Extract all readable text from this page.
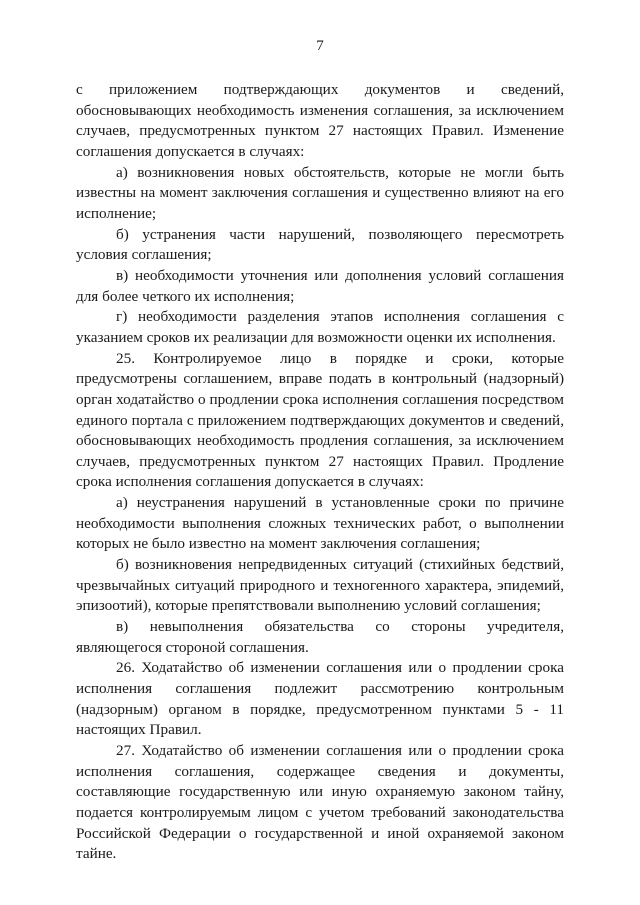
7

с приложением подтверждающих документов и сведений, обосновывающих необходимость изменения соглашения, за исключением случаев, предусмотренных пунктом 27 настоящих Правил. Изменение соглашения допускается в случаях:

а) возникновения новых обстоятельств, которые не могли быть известны на момент заключения соглашения и существенно влияют на его исполнение;

б) устранения части нарушений, позволяющего пересмотреть условия соглашения;

в) необходимости уточнения или дополнения условий соглашения для более четкого их исполнения;

г) необходимости разделения этапов исполнения соглашения с указанием сроков их реализации для возможности оценки их исполнения.

25. Контролируемое лицо в порядке и сроки, которые предусмотрены соглашением, вправе подать в контрольный (надзорный) орган ходатайство о продлении срока исполнения соглашения посредством единого портала с приложением подтверждающих документов и сведений, обосновывающих необходимость продления соглашения, за исключением случаев, предусмотренных пунктом 27 настоящих Правил. Продление срока исполнения соглашения допускается в случаях:

а) неустранения нарушений в установленные сроки по причине необходимости выполнения сложных технических работ, о выполнении которых не было известно на момент заключения соглашения;

б) возникновения непредвиденных ситуаций (стихийных бедствий, чрезвычайных ситуаций природного и техногенного характера, эпидемий, эпизоотий), которые препятствовали выполнению условий соглашения;

в) невыполнения обязательства со стороны учредителя, являющегося стороной соглашения.

26. Ходатайство об изменении соглашения или о продлении срока исполнения соглашения подлежит рассмотрению контрольным (надзорным) органом в порядке, предусмотренном пунктами 5 - 11 настоящих Правил.

27. Ходатайство об изменении соглашения или о продлении срока исполнения соглашения, содержащее сведения и документы, составляющие государственную или иную охраняемую законом тайну, подается контролируемым лицом с учетом требований законодательства Российской Федерации о государственной и иной охраняемой законом тайне.
